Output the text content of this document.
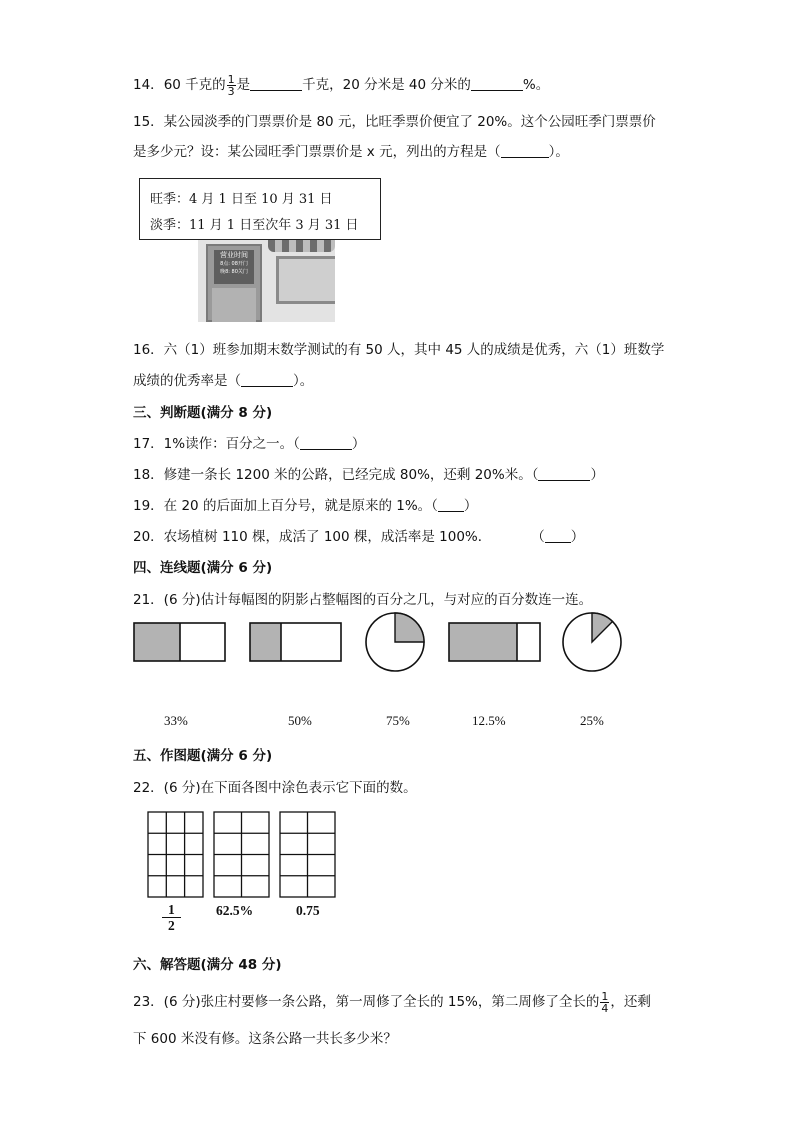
14．60 千克的 $\frac{1}{3}$ 是	千克，20 分米是 40 分米的	%。
15．某公园淡季的门票票价是 80 元，比旺季票价便宜了 20%。这个公园旺季门票票价
是多少元？设：某公园旺季门票票价是 x 元，列出的方程是（	）。
营业时间
8点: 08开门
晚8: 80关门
旺季：4 月 1 日至 10 月 31 日
淡季：11 月 1 日至次年 3 月 31 日
16．六（1）班参加期末数学测试的有 50 人，其中 45 人的成绩是优秀，六（1）班数学
成绩的优秀率是（	）。
三、判断题(满分 8 分)
17．1%读作：百分之一。（	）
18．修建一条长 1200 米的公路，已经完成 80%，还剩 20%米。（	）
19．在 20 的后面加上百分号，就是原来的 1%。（ ）
20．农场植树 110 棵，成活了 100 棵，成活率是 100%．	（ ）
四、连线题(满分 6 分)
21．(6 分)估计每幅图的阴影占整幅图的百分之几，与对应的百分数连一连。
33%	50%	75%	12.5%	25%
五、作图题(满分 6 分)
22．(6 分)在下面各图中涂色表示它下面的数。
$\frac{1}{2}$	62.5%	0.75
六、解答题(满分 48 分)
23．(6 分)张庄村要修一条公路，第一周修了全长的 15%，第二周修了全长的 $\frac{1}{4}$ ，还剩
下 600 米没有修。这条公路一共长多少米？
